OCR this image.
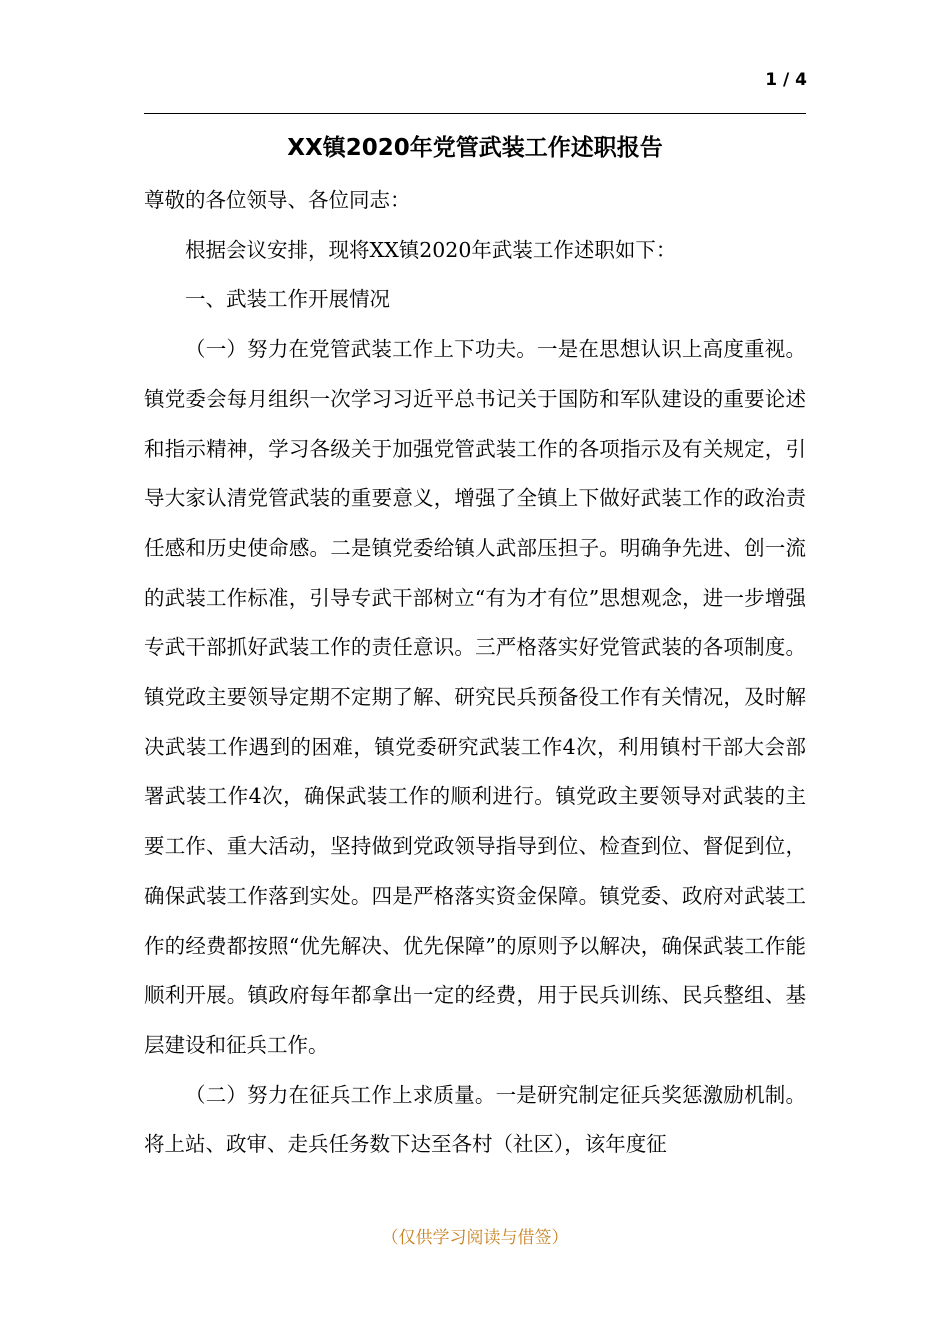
1 / 4
XX镇2020年党管武装工作述职报告

尊敬的各位领导、各位同志：

根据会议安排，现将XX镇2020年武装工作述职如下：

一、武装工作开展情况

（一）努力在党管武装工作上下功夫。一是在思想认识上高度重视。镇党委会每月组织一次学习习近平总书记关于国防和军队建设的重要论述和指示精神，学习各级关于加强党管武装工作的各项指示及有关规定，引导大家认清党管武装的重要意义，增强了全镇上下做好武装工作的政治责任感和历史使命感。二是镇党委给镇人武部压担子。明确争先进、创一流的武装工作标准，引导专武干部树立“有为才有位”思想观念，进一步增强专武干部抓好武装工作的责任意识。三严格落实好党管武装的各项制度。镇党政主要领导定期不定期了解、研究民兵预备役工作有关情况，及时解决武装工作遇到的困难，镇党委研究武装工作4次，利用镇村干部大会部署武装工作4次，确保武装工作的顺利进行。镇党政主要领导对武装的主要工作、重大活动，坚持做到党政领导指导到位、检查到位、督促到位，确保武装工作落到实处。四是严格落实资金保障。镇党委、政府对武装工作的经费都按照“优先解决、优先保障”的原则予以解决，确保武装工作能顺利开展。镇政府每年都拿出一定的经费，用于民兵训练、民兵整组、基层建设和征兵工作。

（二）努力在征兵工作上求质量。一是研究制定征兵奖惩激励机制。将上站、政审、走兵任务数下达至各村（社区），该年度征

（仅供学习阅读与借签）
